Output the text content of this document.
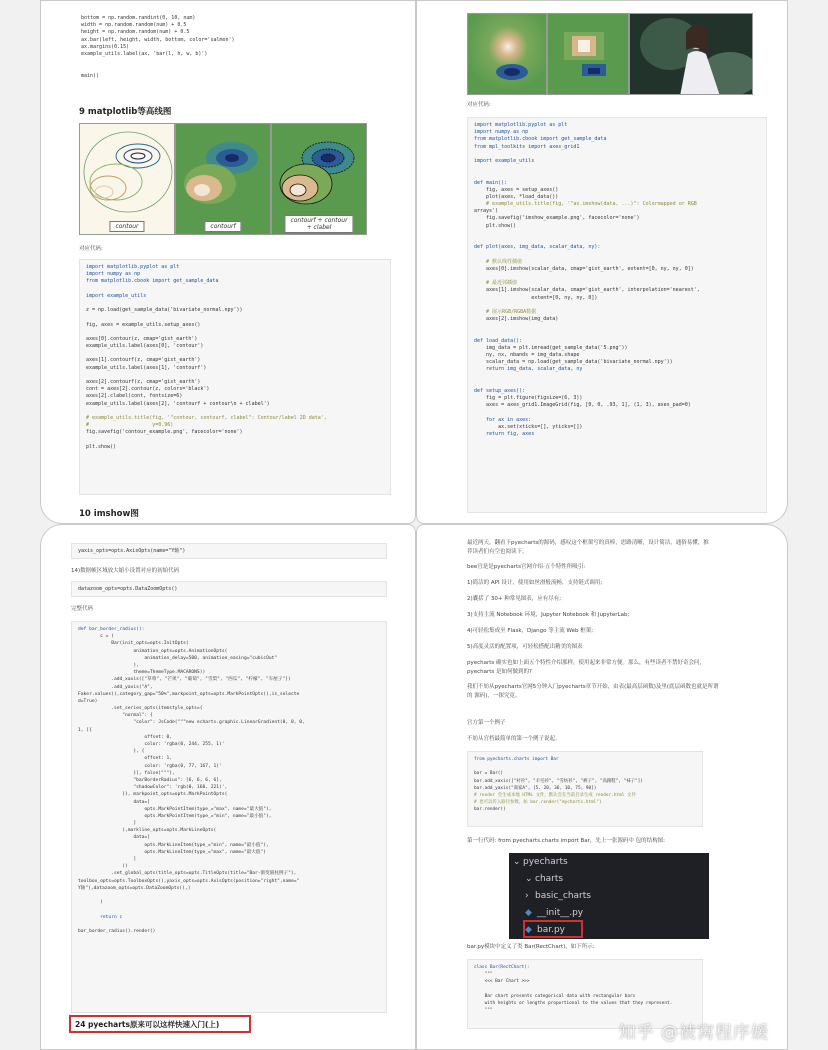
bottom = np.random.randint(0, 10, num)
width = np.random.random(num) + 0.5
height = np.random.random(num) + 0.5
ax.bar(left, height, width, bottom, color='salmon')
ax.margins(0.15)
example_utils.label(ax, 'bar(l, h, w, b)')

main()
9 matplotlib等高线图
contour	contourf
contourf + contour
+ clabel
对应代码:
import matplotlib.pyplot as plt
import numpy as np
from matplotlib.cbook import get_sample_data

import example_utils

z = np.load(get_sample_data('bivariate_normal.npy'))

fig, axes = example_utils.setup_axes()

axes[0].contour(z, cmap='gist_earth')
example_utils.label(axes[0], 'contour')

axes[1].contourf(z, cmap='gist_earth')
example_utils.label(axes[1], 'contourf')

axes[2].contourf(z, cmap='gist_earth')
cont = axes[2].contour(z, colors='black')
axes[2].clabel(cont, fontsize=6)
example_utils.label(axes[2], 'contourf + contour\n + clabel')

# example_utils.title(fig, '"contour, contourf, clabel": Contour/label 2D data',
#                     y=0.96)
fig.savefig('contour_example.png', facecolor='none')

plt.show()
10 imshow图
对应代码:
import matplotlib.pyplot as plt
import numpy as np
from matplotlib.cbook import get_sample_data
from mpl_toolkits import axes_grid1

import example_utils

def main():
fig, axes = setup_axes()
plot(axes, *load_data())
# example_utils.title(fig, '"ax.imshow(data, ...)": Colormapped or RGB
arrays')
fig.savefig('imshow_example.png', facecolor='none')
plt.show()

def plot(axes, img_data, scalar_data, ny):

# 默认线性插值
axes[0].imshow(scalar_data, cmap='gist_earth', extent=[0, ny, ny, 0])

# 最近邻插值
axes[1].imshow(scalar_data, cmap='gist_earth', interpolation='nearest',
extent=[0, ny, ny, 0])

# 展示RGB/RGBA数据
axes[2].imshow(img_data)

def load_data():
img_data = plt.imread(get_sample_data('5.png'))
ny, nx, nbands = img_data.shape
scalar_data = np.load(get_sample_data('bivariate_normal.npy'))
return img_data, scalar_data, ny

def setup_axes():
fig = plt.figure(figsize=(6, 3))
axes = axes_grid1.ImageGrid(fig, [0, 0, .93, 1], (1, 3), axes_pad=0)

for ax in axes:
ax.set(xticks=[], yticks=[])
return fig, axes
yaxis_opts=opts.AxisOpts(name="Y轴")
14)数据帧区域放大缩小设置对应的初始代码
datazoom_opts=opts.DataZoomOpts()
完整代码
def bar_border_radius():
c = (
Bar(init_opts=opts.InitOpts(
animation_opts=opts.AnimationOpts(
animation_delay=500, animation_easing="cubicOut"
),
theme=ThemeType.MACARONS))
.add_xaxis(["草莓", "芒果", "葡萄", "雪梨", "西瓜", "柠檬", "车厘子"])
.add_yaxis("A",
Faker.values(),category_gap="50%",markpoint_opts=opts.MarkPointOpts(),is_selecte
d=True)
.set_series_opts(itemstyle_opts={
"normal": {
"color": JsCode("""new echarts.graphic.LinearGradient(0, 0, 0,
1, [{
offset: 0,
color: 'rgba(0, 244, 255, 1)'
}, {
offset: 1,
color: 'rgba(0, 77, 167, 1)'
}], false)"""),
"barBorderRadius": [6, 6, 6, 6],
"shadowColor": 'rgb(0, 160, 221)',
}}, markpoint_opts=opts.MarkPointOpts(
data=[
opts.MarkPointItem(type_="max", name="最大值"),
opts.MarkPointItem(type_="min", name="最小值"),
]
),markline_opts=opts.MarkLineOpts(
data=[
opts.MarkLineItem(type_="min", name="最小值"),
opts.MarkLineItem(type_="max", name="最大值")
]
))
.set_global_opts(title_opts=opts.TitleOpts(title="Bar-渐变圆柱例子"),
toolbox_opts=opts.ToolboxOpts(),yaxis_opts=opts.AxisOpts(position="right",name="
Y轴"),datazoom_opts=opts.DataZoomOpts(),)

)

return c

bar_border_radius().render()
24 pyecharts原来可以这样快速入门(上)
最近两天，翻看下pyecharts的源码，感叹这个框架写的真棒，思路清晰，设计简洁，通俗易懂，推
荐读者们有空也阅读下。
bee官是是pyecharts官网介绍·五个特性所吸引:
1)简洁的 API 设计，使用如丝滑般流畅，支持链式调用;
2)囊括了 30+ 种常见图表，应有尽有;
3)支持主流 Notebook 环境，Jupyter Notebook 和 JupyterLab;
4)可轻松集成至 Flask，Django 等主流 Web 框架;
5)高度灵活的配置项，可轻松搭配出精美的图表
pyecharts 确实也如上面五个特性介绍那样，使用起来非常方便。那么，有些读者不禁好奇会问，
pyecharts 是如何做到的?
我们不妨从pyecharts官网5分钟入门pyecharts章节开始，由表(最高层函数)及里(底层函数也就是所谓
的 源码)，一探究竟。
官方第一个例子
不妨从官档最简单的第一个例子说起。
from pyecharts.charts import Bar

bar = Bar()
bar.add_xaxis(["衬衫", "羊毛衫", "雪纺衫", "裤子", "高跟鞋", "袜子"])
bar.add_yaxis("商家A", [5, 20, 36, 10, 75, 90])
# render 会生成本地 HTML 文件，默认会在当前目录生成 render.html 文件
# 也可以传入路径参数，如 bar.render("mycharts.html")
bar.render()
第一行代码: from pyecharts.charts import Bar，先上一张源码中 包的结构图:
⌄ pyecharts
⌄ charts
› basic_charts
◆ __init__.py
◆ bar.py
bar.py模块中定义了类 Bar(RectChart)，如下所示:
class Bar(RectChart):
"""
<<< Bar Chart >>>

Bar chart presents categorical data with rectangular bars
with heights or lengths proportional to the values that they represent.
"""
知乎 @被窝程序媛
